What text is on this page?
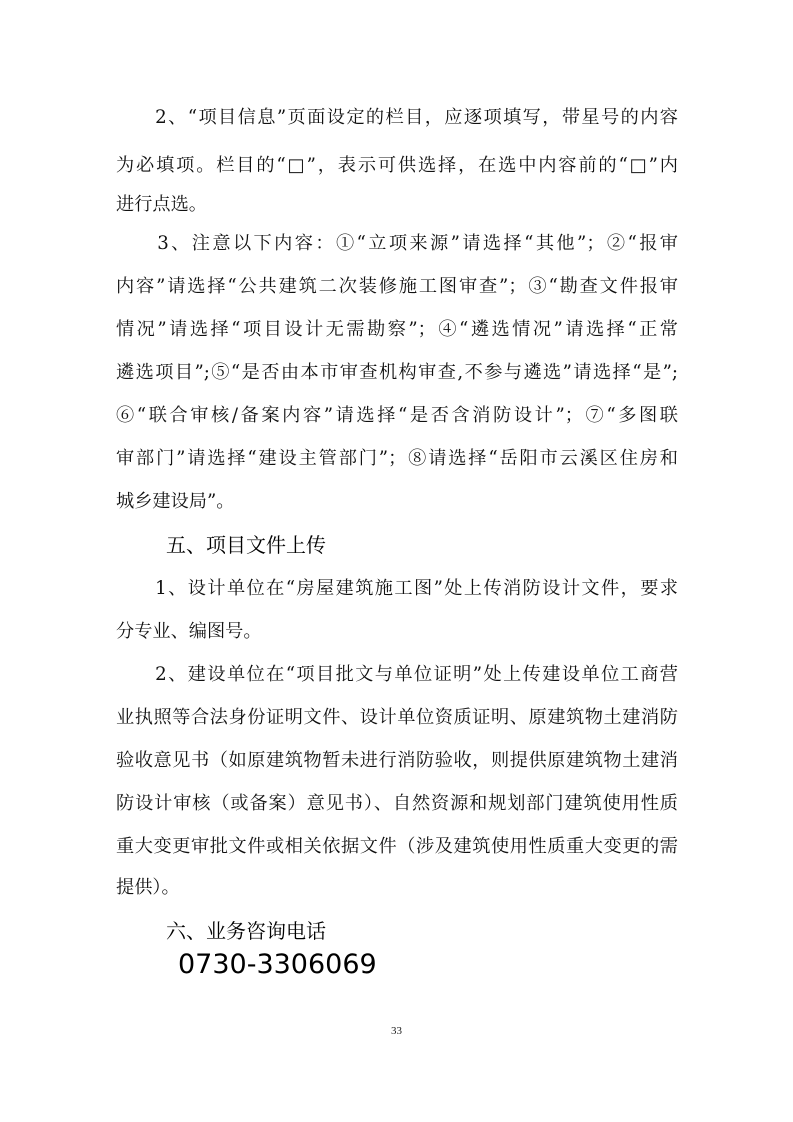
　　2、“项目信息”页面设定的栏目，应逐项填写，带星号的内容
为必填项。栏目的“□”，表示可供选择，在选中内容前的“□”内
进行点选。
　　3、注意以下内容：①“立项来源”请选择“其他”；②“报审
内容”请选择“公共建筑二次装修施工图审查”；③“勘查文件报审
情况”请选择“项目设计无需勘察”；④“遴选情况”请选择“正常
遴选项目”;⑤“是否由本市审查机构审查,不参与遴选”请选择“是”;
⑥“联合审核/备案内容”请选择“是否含消防设计”；⑦“多图联
审部门”请选择“建设主管部门”；⑧请选择“岳阳市云溪区住房和
城乡建设局”。
五、项目文件上传
　　1、设计单位在“房屋建筑施工图”处上传消防设计文件，要求
分专业、编图号。
　　2、建设单位在“项目批文与单位证明”处上传建设单位工商营
业执照等合法身份证明文件、设计单位资质证明、原建筑物土建消防
验收意见书（如原建筑物暂未进行消防验收，则提供原建筑物土建消
防设计审核（或备案）意见书）、自然资源和规划部门建筑使用性质
重大变更审批文件或相关依据文件（涉及建筑使用性质重大变更的需
提供）。
六、业务咨询电话
0730-3306069
33
